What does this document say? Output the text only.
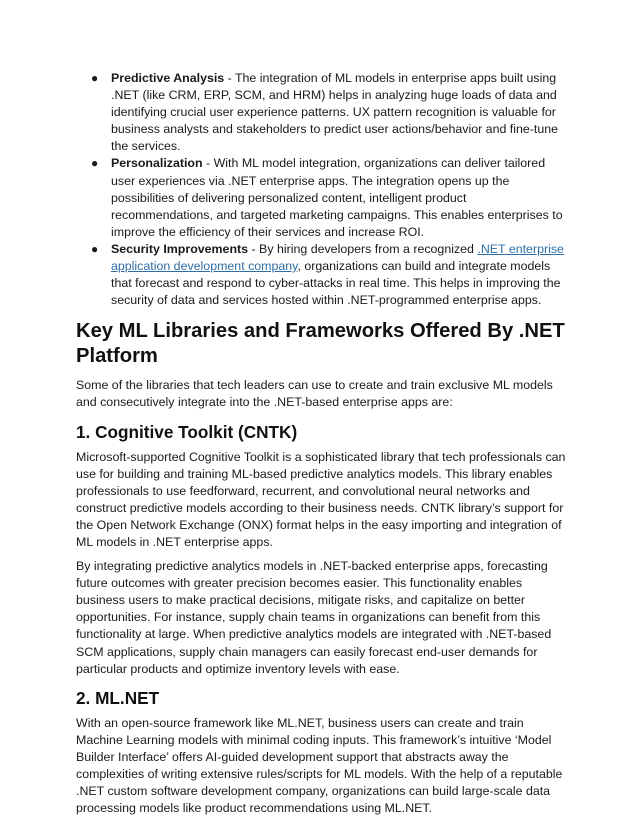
● Predictive Analysis - The integration of ML models in enterprise apps built using .NET (like CRM, ERP, SCM, and HRM) helps in analyzing huge loads of data and identifying crucial user experience patterns. UX pattern recognition is valuable for business analysts and stakeholders to predict user actions/behavior and fine-tune the services.
● Personalization - With ML model integration, organizations can deliver tailored user experiences via .NET enterprise apps. The integration opens up the possibilities of delivering personalized content, intelligent product recommendations, and targeted marketing campaigns. This enables enterprises to improve the efficiency of their services and increase ROI.
● Security Improvements - By hiring developers from a recognized .NET enterprise application development company, organizations can build and integrate models that forecast and respond to cyber-attacks in real time. This helps in improving the security of data and services hosted within .NET-programmed enterprise apps.
Key ML Libraries and Frameworks Offered By .NET Platform

Some of the libraries that tech leaders can use to create and train exclusive ML models and consecutively integrate into the .NET-based enterprise apps are:

1. Cognitive Toolkit (CNTK)

Microsoft-supported Cognitive Toolkit is a sophisticated library that tech professionals can use for building and training ML-based predictive analytics models. This library enables professionals to use feedforward, recurrent, and convolutional neural networks and construct predictive models according to their business needs. CNTK library’s support for the Open Network Exchange (ONX) format helps in the easy importing and integration of ML models in .NET enterprise apps.

By integrating predictive analytics models in .NET-backed enterprise apps, forecasting future outcomes with greater precision becomes easier. This functionality enables business users to make practical decisions, mitigate risks, and capitalize on better opportunities. For instance, supply chain teams in organizations can benefit from this functionality at large. When predictive analytics models are integrated with .NET-based SCM applications, supply chain managers can easily forecast end-user demands for particular products and optimize inventory levels with ease.

2. ML.NET

With an open-source framework like ML.NET, business users can create and train Machine Learning models with minimal coding inputs. This framework’s intuitive ‘Model Builder Interface’ offers AI-guided development support that abstracts away the complexities of writing extensive rules/scripts for ML models. With the help of a reputable .NET custom software development company, organizations can build large-scale data processing models like product recommendations using ML.NET.
